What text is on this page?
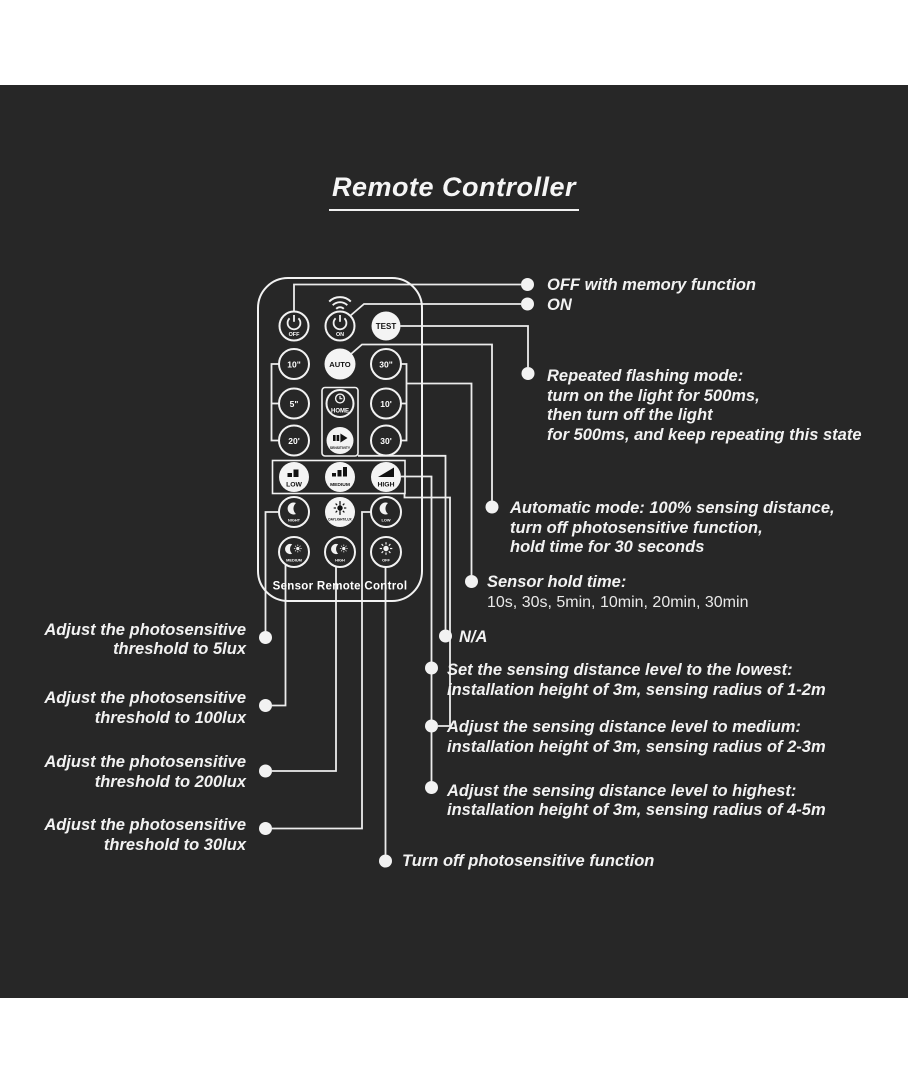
Remote Controller
OFF	ON
TEST
10"	AUTO	30"
5"
HOME
10'
20'
SENSITIVITY
30'
LOW	MEDIUM	HIGH
NIGHT	DAYLIGHT/LUX	LOW
MEDIUM	HIGH	OFF
Sensor Remote Control
OFF with memory function
ON
Repeated flashing mode:
turn on the light for 500ms,
then turn off the light
for 500ms, and keep repeating this state
Automatic mode: 100% sensing distance,
turn off photosensitive function,
hold time for 30 seconds
Sensor hold time:
10s, 30s, 5min, 10min, 20min, 30min
N/A
Set the sensing distance level to the lowest:
installation height of 3m, sensing radius of 1-2m
Adjust the sensing distance level to medium:
installation height of 3m, sensing radius of 2-3m
Adjust the sensing distance level to highest:
installation height of 3m, sensing radius of 4-5m
Turn off photosensitive function
Adjust the photosensitive
threshold to 5lux
Adjust the photosensitive
threshold to 100lux
Adjust the photosensitive
threshold to 200lux
Adjust the photosensitive
threshold to 30lux
